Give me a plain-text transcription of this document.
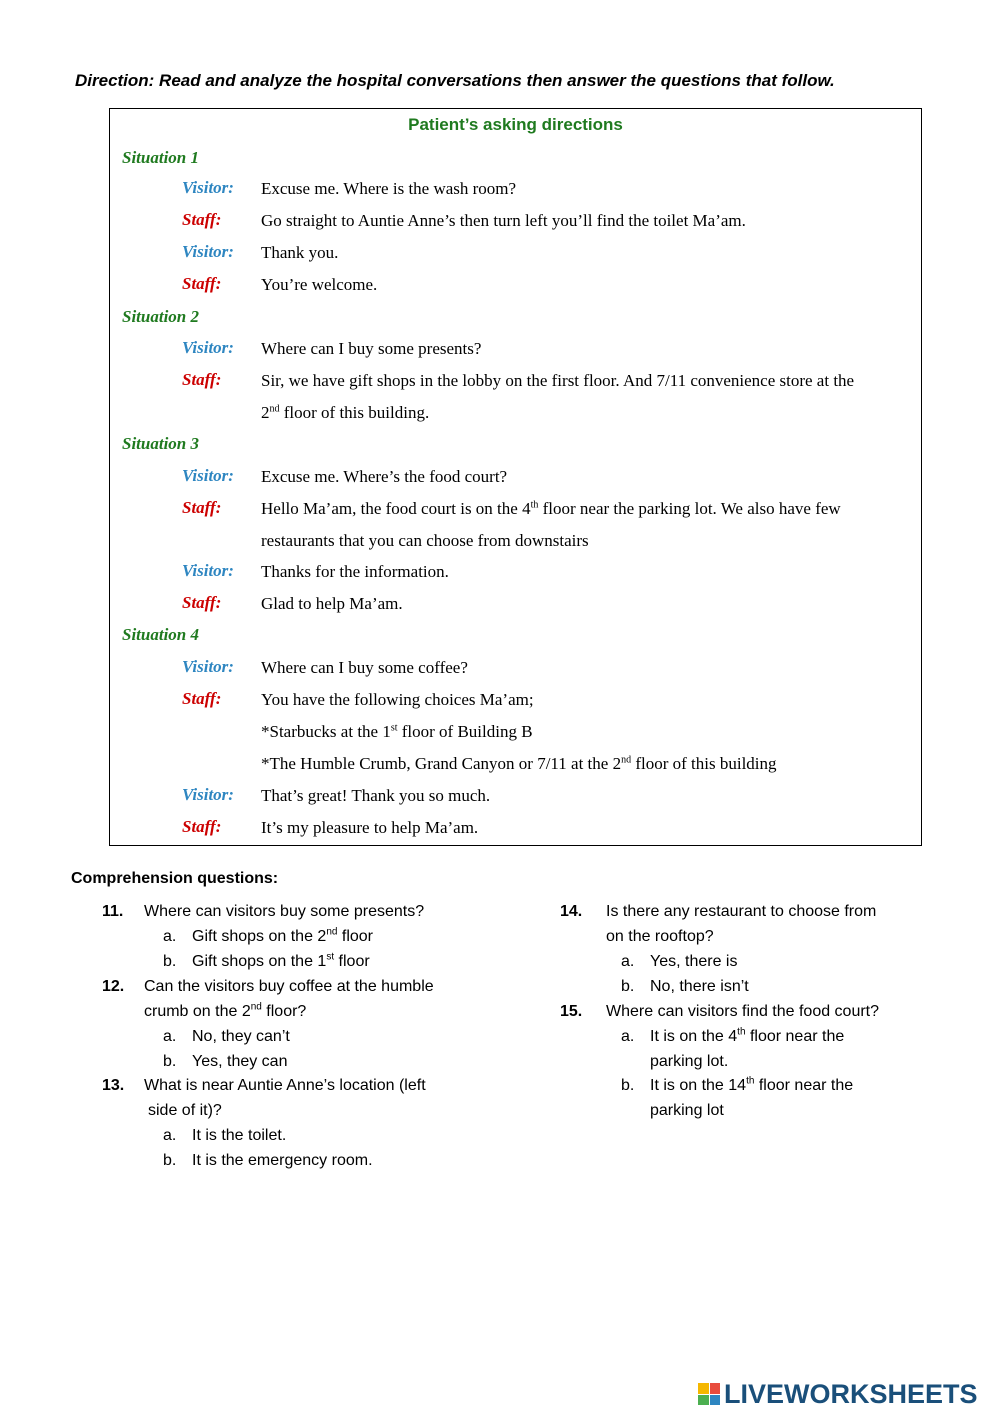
Direction: Read and analyze the hospital conversations then answer the questions that follow.

Patient’s asking directions
Situation 1
Visitor: Excuse me. Where is the wash room?
Staff: Go straight to Auntie Anne’s then turn left you’ll find the toilet Ma’am.
Visitor: Thank you.
Staff: You’re welcome.
Situation 2
Visitor: Where can I buy some presents?
Staff: Sir, we have gift shops in the lobby on the first floor. And 7/11 convenience store at the
2nd floor of this building.
Situation 3
Visitor: Excuse me. Where’s the food court?
Staff: Hello Ma’am, the food court is on the 4th floor near the parking lot. We also have few
restaurants that you can choose from downstairs
Visitor: Thanks for the information.
Staff: Glad to help Ma’am.
Situation 4
Visitor: Where can I buy some coffee?
Staff: You have the following choices Ma’am;
*Starbucks at the 1st floor of Building B
*The Humble Crumb, Grand Canyon or 7/11 at the 2nd floor of this building
Visitor: That’s great! Thank you so much.
Staff: It’s my pleasure to help Ma’am.
Comprehension questions:
11. Where can visitors buy some presents?
a. Gift shops on the 2nd floor
b. Gift shops on the 1st floor
12. Can the visitors buy coffee at the humble
crumb on the 2nd floor?
a. No, they can’t
b. Yes, they can
13. What is near Auntie Anne’s location (left
side of it)?
a. It is the toilet.
b. It is the emergency room.
14. Is there any restaurant to choose from
on the rooftop?
a. Yes, there is
b. No, there isn’t
15. Where can visitors find the food court?
a. It is on the 4th floor near the
parking lot.
b. It is on the 14th floor near the
parking lot
LIVEWORKSHEETS
